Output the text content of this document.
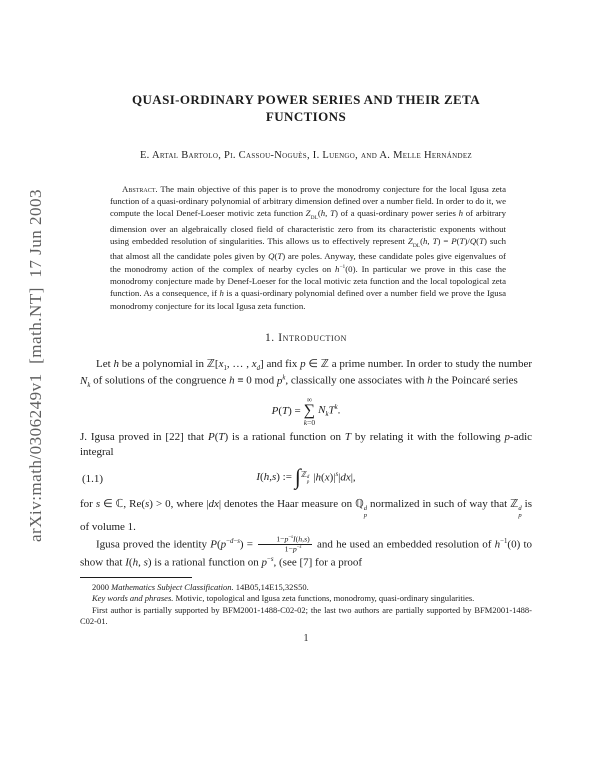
arXiv:math/0306249v1  [math.NT]  17 Jun 2003
QUASI-ORDINARY POWER SERIES AND THEIR ZETA FUNCTIONS
E. Artal Bartolo, Pi. Cassou-Noguès, I. Luengo, and A. Melle Hernández
Abstract. The main objective of this paper is to prove the monodromy conjecture for the local Igusa zeta function of a quasi-ordinary polynomial of arbitrary dimension defined over a number field. In order to do it, we compute the local Denef-Loeser motivic zeta function $Z_{DL}(h$, T) of a quasi-ordinary power series h of arbitrary dimension over an algebraically closed field of characteristic zero from its characteristic exponents without using embedded resolution of singularities. This allows us to effectively represent $Z_{DL}(h$, T) = P(T)/Q(T) such that almost all the candidate poles given by Q(T) are poles. Anyway, these candidate poles give eigenvalues of the monodromy action of the complex of nearby cycles on $h^{-1}(0)$. In particular we prove in this case the monodromy conjecture made by Denef-Loeser for the local motivic zeta function and the local topological zeta function. As a consequence, if h is a quasi-ordinary polynomial defined over a number field we prove the Igusa monodromy conjecture for its local Igusa zeta function.
1. Introduction

Let h be a polynomial in $ℤ[x_1$, … , $x_d$] and fix p ∈ ℤ a prime number. In order to study the number $N_k$ of solutions of the congruence h ≡ 0 mod $p^k$, classically one associates with h the Poincaré series

P(T) =
∞
∑
k=0
$N_kT^k$.

J. Igusa proved in [22] that P(T) is a rational function on T by relating it with the following p-adic integral

(1.1)	I ( h , s ) := ∫ ℤ d
p $|h(x)|^s|dx|$,

for s ∈ ℂ, Re(s) > 0, where |dx| denotes the Haar measure on ℚ d
p
normalized in such of way that ℤ d
p
is of volume 1.

Igusa proved the identity $P(p^{-d-s}) = \frac{1-p^{-s}I(h,s)}{1-p^{-s}}$ and he used an embedded resolution of $h^{-1}(0)$ to show that I(h, s) is a rational function on $p^{-s}$, (see [7] for a proof

2000 Mathematics Subject Classification. 14B05,14E15,32S50.

Key words and phrases. Motivic, topological and Igusa zeta functions, monodromy, quasi-ordinary singularities.

First author is partially supported by BFM2001-1488-C02-02; the last two authors are partially supported by BFM2001-1488-C02-01.

1
